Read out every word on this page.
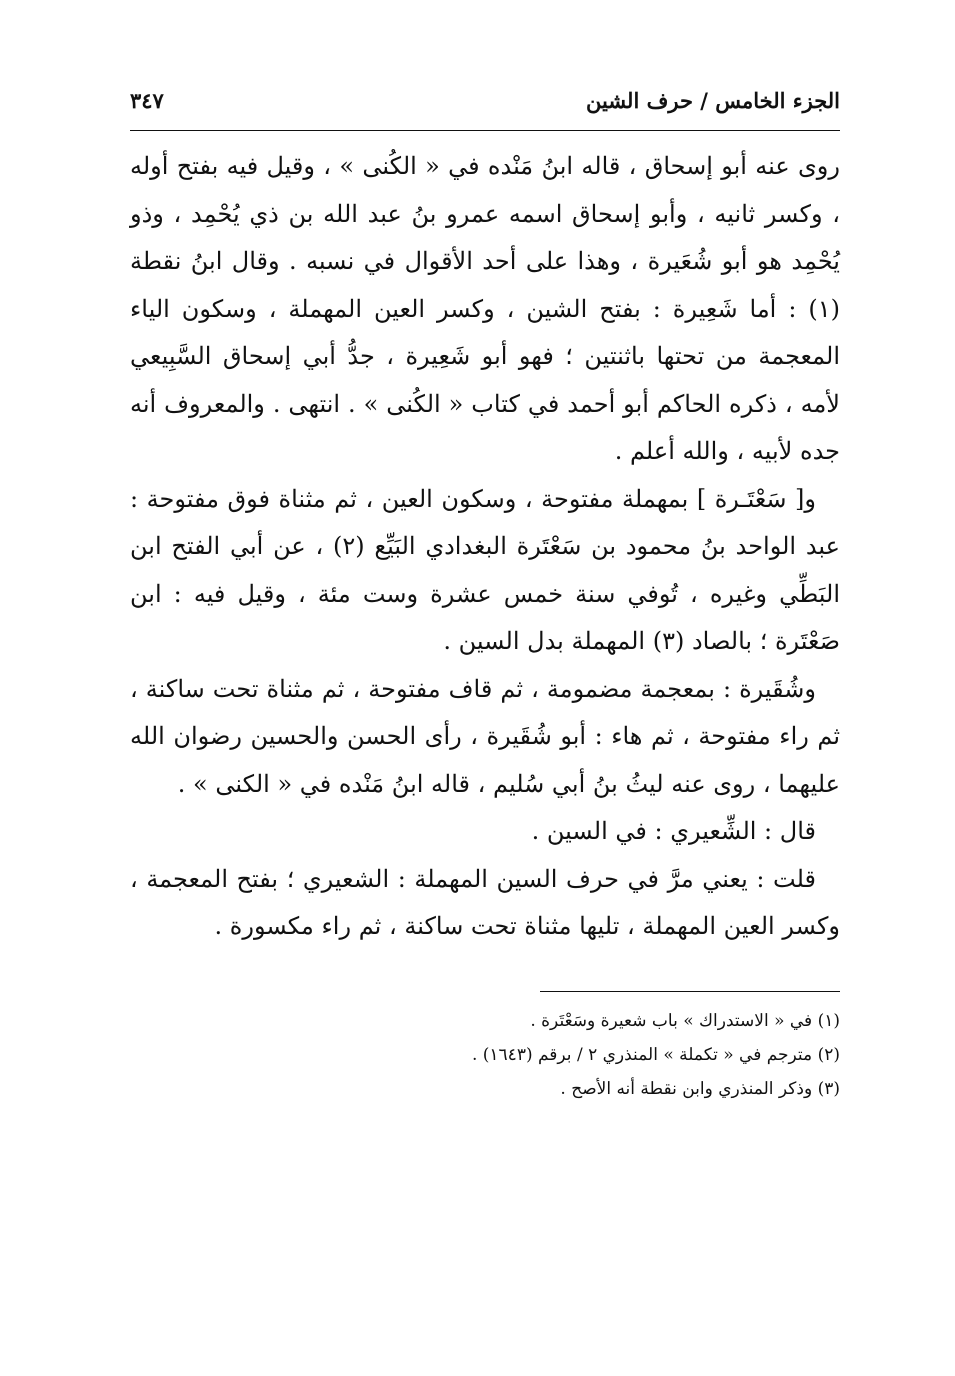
الجزء الخامس / حرف الشين
٣٤٧

روى عنه أبو إسحاق ، قاله ابنُ مَنْده في « الكُنى » ، وقيل فيه بفتح أوله ، وكسر ثانيه ، وأبو إسحاق اسمه عمرو بنُ عبد الله بن ذي يُحْمِد ، وذو يُحْمِد هو أبو شُعَيرة ، وهذا على أحد الأقوال في نسبه . وقال ابنُ نقطة (١) : أما شَعِيرة : بفتح الشين ، وكسر العين المهملة ، وسكون الياء المعجمة من تحتها باثنتين ؛ فهو أبو شَعِيرة ، جدُّ أبي إسحاق السَّبِيعي لأمه ، ذكره الحاكم أبو أحمد في كتاب « الكُنى » . انتهى . والمعروف أنه جده لأبيه ، والله أعلم .

و[ سَعْتَـرة ] بمهملة مفتوحة ، وسكون العين ، ثم مثناة فوق مفتوحة : عبد الواحد بنُ محمود بن سَعْتَرة البغدادي البَيِّع (٢) ، عن أبي الفتح ابن البَطِّي وغيره ، تُوفي سنة خمس عشرة وست مئة ، وقيل فيه : ابن صَعْتَرة ؛ بالصاد (٣) المهملة بدل السين .

وشُقَيرة : بمعجمة مضمومة ، ثم قاف مفتوحة ، ثم مثناة تحت ساكنة ، ثم راء مفتوحة ، ثم هاء : أبو شُقَيرة ، رأى الحسن والحسين رضوان الله عليهما ، روى عنه ليثُ بنُ أبي سُليم ، قاله ابنُ مَنْده في « الكنى » .

قال : الشِّعيري : في السين .

قلت : يعني مرَّ في حرف السين المهملة : الشعيري ؛ بفتح المعجمة ، وكسر العين المهملة ، تليها مثناة تحت ساكنة ، ثم راء مكسورة .

(١) في « الاستدراك » باب شعيرة وسَعْتَرة .

(٢) مترجم في « تكملة » المنذري ٢ / برقم (١٦٤٣) .

(٣) وذكر المنذري وابن نقطة أنه الأصح .
